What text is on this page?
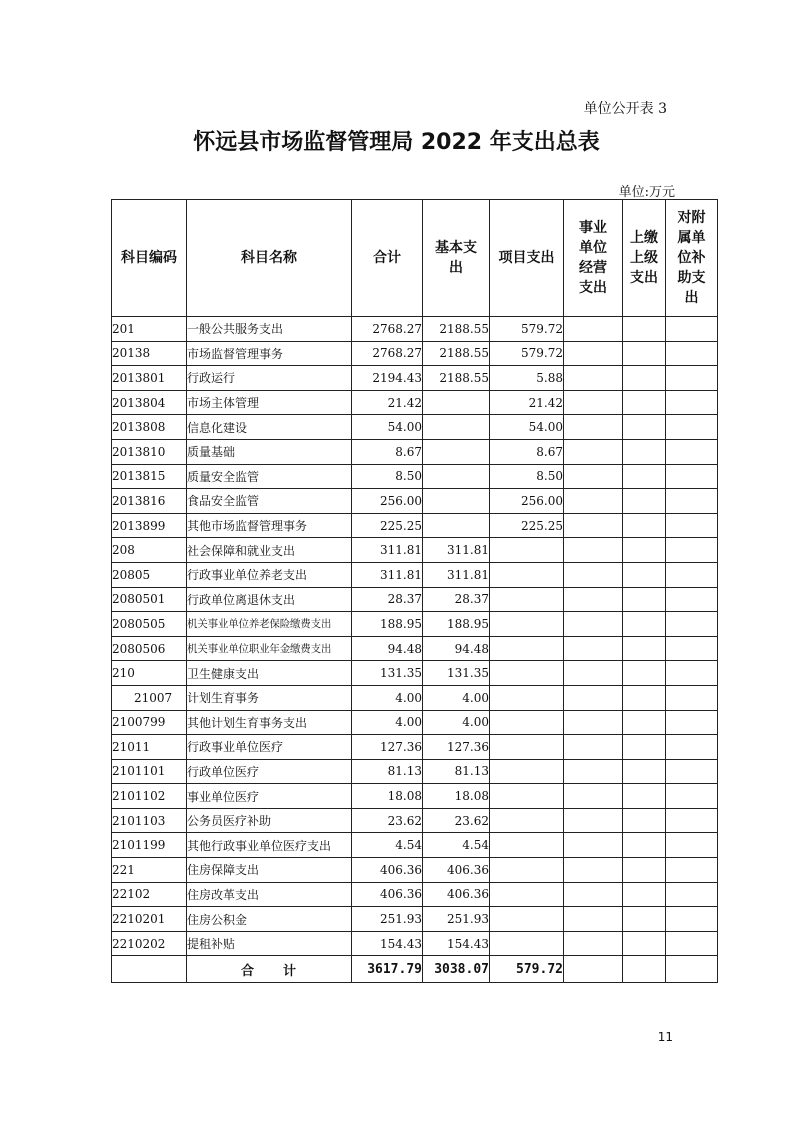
单位公开表 3
怀远县市场监督管理局 2022 年支出总表
单位:万元
科目编码	科目名称	合计	基本支出	项目支出	事业单位经营支出	上缴上级支出	对附属单位补助支出

201	一般公共服务支出	2768.27	2188.55	579.72			
20138	市场监督管理事务	2768.27	2188.55	579.72			
2013801	行政运行	2194.43	2188.55	5.88			
2013804	市场主体管理	21.42		21.42			
2013808	信息化建设	54.00		54.00			
2013810	质量基础	8.67		8.67			
2013815	质量安全监管	8.50		8.50			
2013816	食品安全监管	256.00		256.00			
2013899	其他市场监督管理事务	225.25		225.25			
208	社会保障和就业支出	311.81	311.81				
20805	行政事业单位养老支出	311.81	311.81				
2080501	行政单位离退休支出	28.37	28.37				
2080505	机关事业单位养老保险缴费支出	188.95	188.95				
2080506	机关事业单位职业年金缴费支出	94.48	94.48				
210	卫生健康支出	131.35	131.35				
21007	计划生育事务	4.00	4.00				
2100799	其他计划生育事务支出	4.00	4.00				
21011	行政事业单位医疗	127.36	127.36				
2101101	行政单位医疗	81.13	81.13				
2101102	事业单位医疗	18.08	18.08				
2101103	公务员医疗补助	23.62	23.62				
2101199	其他行政事业单位医疗支出	4.54	4.54				
221	住房保障支出	406.36	406.36				
22102	住房改革支出	406.36	406.36				
2210201	住房公积金	251.93	251.93				
2210202	提租补贴	154.43	154.43				
	合　　计	3617.79	3038.07	579.72			
11
